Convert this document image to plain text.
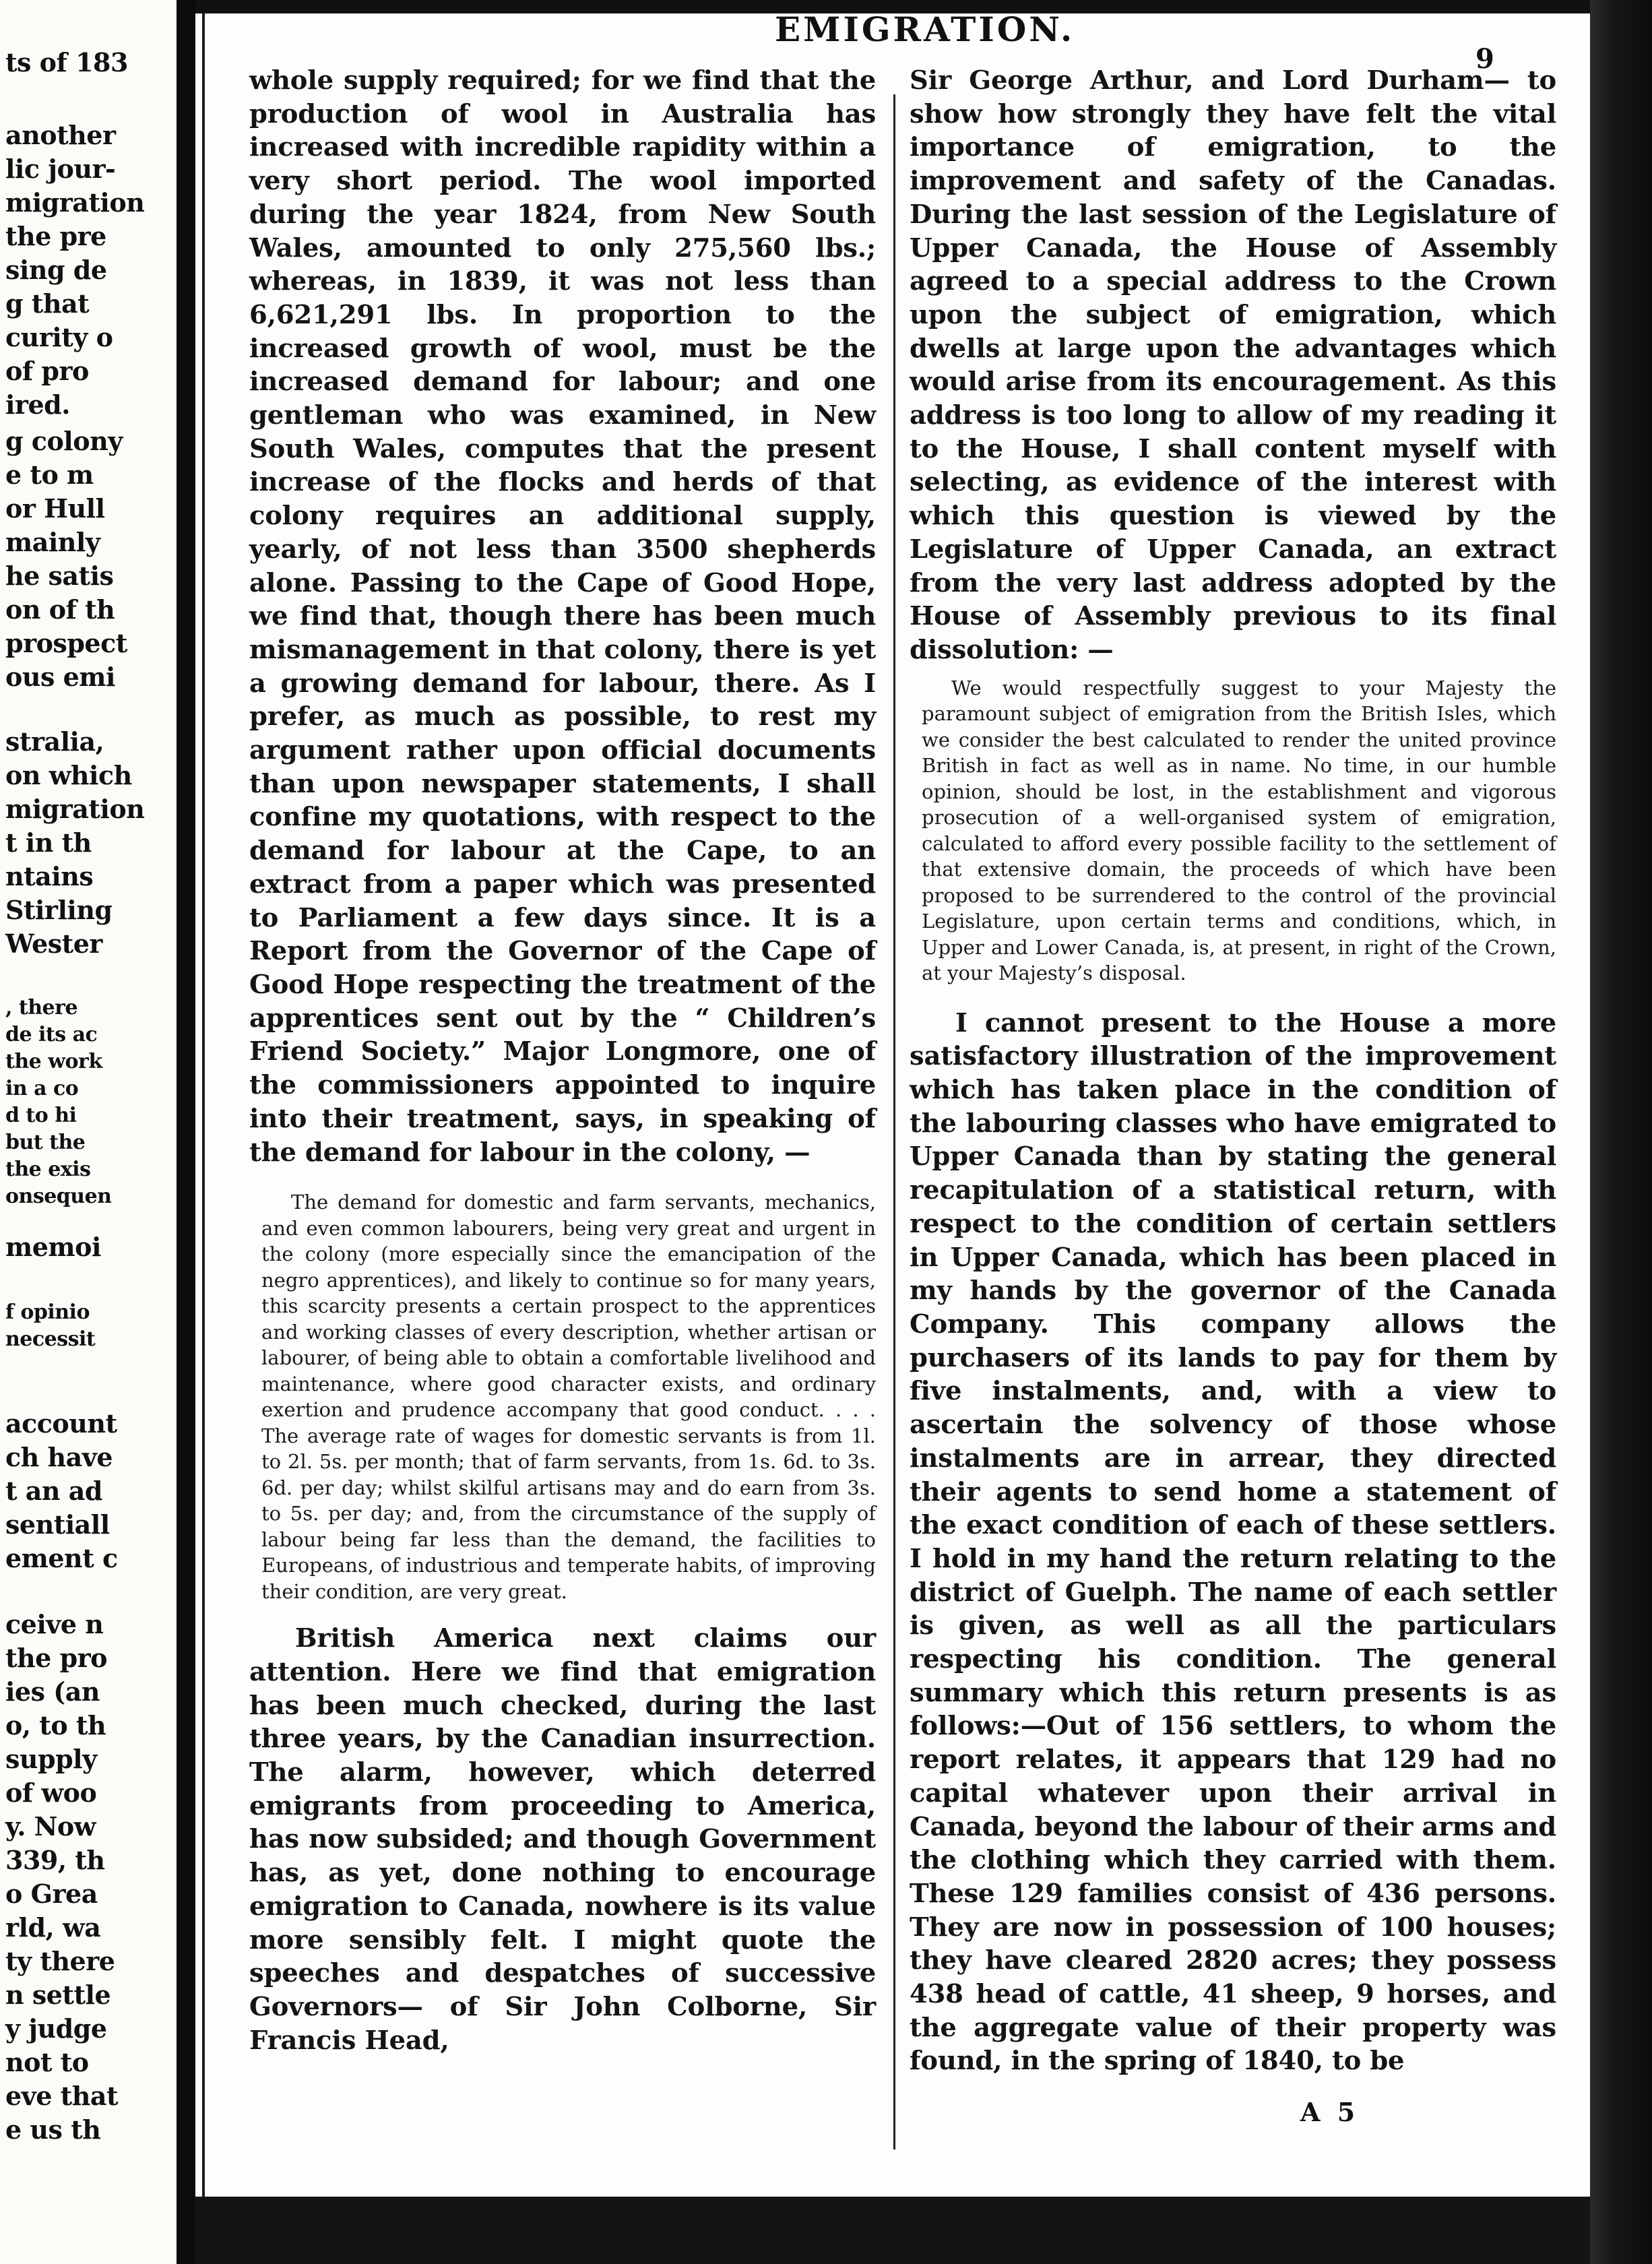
ts of 183
another
lic jour-
migration
the pre
sing de
g that
curity o
of pro
ired.
g colony
e to m
or Hull
mainly
he satis
on of th
prospect
ous emi
stralia,
on which
migration
t in th
ntains
Stirling
Wester
, there
de its ac
the work
in a co
d to hi
but the
the exis
onsequen
memoi
f opinio
necessit
account
ch have
t an ad
sentiall
ement c
ceive n
the pro
ies (an
o, to th
supply
of woo
y. Now
339, th
o Grea
rld, wa
ty there
n settle
y judge
not to
eve that
e us th
EMIGRATION.
9

whole supply required; for we find that the production of wool in Australia has increased with incredible rapidity within a very short period. The wool imported during the year 1824, from New South Wales, amounted to only 275,560 lbs.; whereas, in 1839, it was not less than 6,621,291 lbs. In proportion to the increased growth of wool, must be the increased demand for labour; and one gentleman who was examined, in New South Wales, computes that the present increase of the flocks and herds of that colony requires an additional supply, yearly, of not less than 3500 shepherds alone. Passing to the Cape of Good Hope, we find that, though there has been much mismanagement in that colony, there is yet a growing demand for labour, there. As I prefer, as much as possible, to rest my argument rather upon official documents than upon newspaper statements, I shall confine my quotations, with respect to the demand for labour at the Cape, to an extract from a paper which was presented to Parliament a few days since. It is a Report from the Governor of the Cape of Good Hope respecting the treatment of the apprentices sent out by the “ Children’s Friend Society.” Major Longmore, one of the commissioners appointed to inquire into their treatment, says, in speaking of the demand for labour in the colony, —

The demand for domestic and farm servants, mechanics, and even common labourers, being very great and urgent in the colony (more especially since the emancipation of the negro apprentices), and likely to continue so for many years, this scarcity presents a certain prospect to the apprentices and working classes of every description, whether artisan or labourer, of being able to obtain a comfortable livelihood and maintenance, where good character exists, and ordinary exertion and prudence accompany that good conduct. . . . The average rate of wages for domestic servants is from 1l. to 2l. 5s. per month; that of farm servants, from 1s. 6d. to 3s. 6d. per day; whilst skilful artisans may and do earn from 3s. to 5s. per day; and, from the circumstance of the supply of labour being far less than the demand, the facilities to Europeans, of industrious and temperate habits, of improving their condition, are very great.

British America next claims our attention. Here we find that emigration has been much checked, during the last three years, by the Canadian insurrection. The alarm, however, which deterred emigrants from proceeding to America, has now subsided; and though Government has, as yet, done nothing to encourage emigration to Canada, nowhere is its value more sensibly felt. I might quote the speeches and despatches of successive Governors— of Sir John Colborne, Sir Francis Head,

Sir George Arthur, and Lord Durham— to show how strongly they have felt the vital importance of emigration, to the improvement and safety of the Canadas. During the last session of the Legislature of Upper Canada, the House of Assembly agreed to a special address to the Crown upon the subject of emigration, which dwells at large upon the advantages which would arise from its encouragement. As this address is too long to allow of my reading it to the House, I shall content myself with selecting, as evidence of the interest with which this question is viewed by the Legislature of Upper Canada, an extract from the very last address adopted by the House of Assembly previous to its final dissolution: —

We would respectfully suggest to your Majesty the paramount subject of emigration from the British Isles, which we consider the best calculated to render the united province British in fact as well as in name. No time, in our humble opinion, should be lost, in the establishment and vigorous prosecution of a well-organised system of emigration, calculated to afford every possible facility to the settlement of that extensive domain, the proceeds of which have been proposed to be surrendered to the control of the provincial Legislature, upon certain terms and conditions, which, in Upper and Lower Canada, is, at present, in right of the Crown, at your Majesty’s disposal.

I cannot present to the House a more satisfactory illustration of the improvement which has taken place in the condition of the labouring classes who have emigrated to Upper Canada than by stating the general recapitulation of a statistical return, with respect to the condition of certain settlers in Upper Canada, which has been placed in my hands by the governor of the Canada Company. This company allows the purchasers of its lands to pay for them by five instalments, and, with a view to ascertain the solvency of those whose instalments are in arrear, they directed their agents to send home a statement of the exact condition of each of these settlers. I hold in my hand the return relating to the district of Guelph. The name of each settler is given, as well as all the particulars respecting his condition. The general summary which this return presents is as follows:—Out of 156 settlers, to whom the report relates, it appears that 129 had no capital whatever upon their arrival in Canada, beyond the labour of their arms and the clothing which they carried with them. These 129 families consist of 436 persons. They are now in possession of 100 houses; they have cleared 2820 acres; they possess 438 head of cattle, 41 sheep, 9 horses, and the aggregate value of their property was found, in the spring of 1840, to be

A 5
